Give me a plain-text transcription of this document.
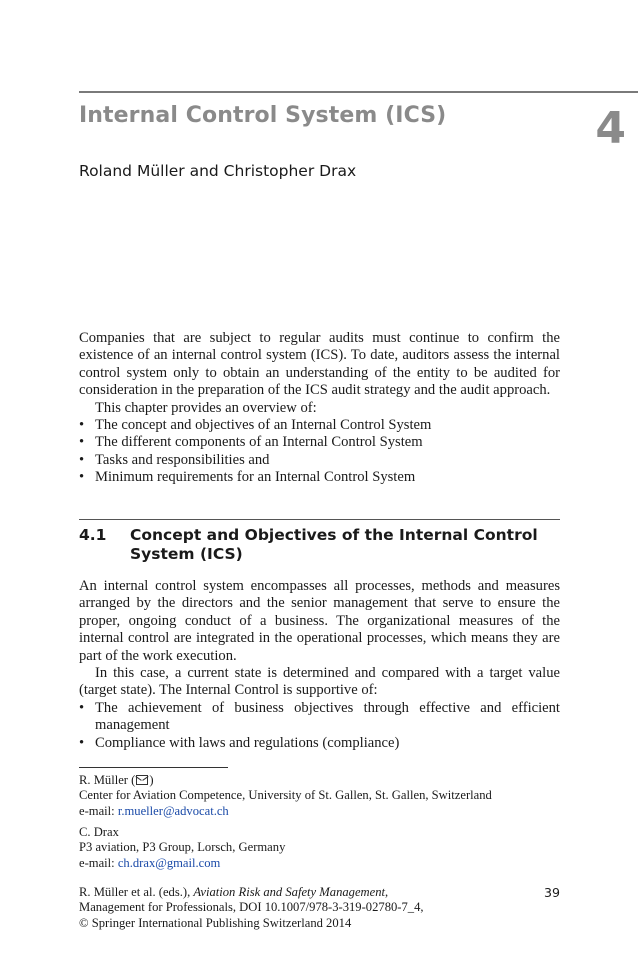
Internal Control System (ICS)	4
Roland Müller and Christopher Drax

Companies that are subject to regular audits must continue to confirm the existence of an internal control system (ICS). To date, auditors assess the internal control system only to obtain an understanding of the entity to be audited for consideration in the preparation of the ICS audit strategy and the audit approach.

This chapter provides an overview of:

• The concept and objectives of an Internal Control System
• The different components of an Internal Control System
• Tasks and responsibilities and
• Minimum requirements for an Internal Control System
4.1 Concept and Objectives of the Internal Control System (ICS)

An internal control system encompasses all processes, methods and measures arranged by the directors and the senior management that serve to ensure the proper, ongoing conduct of a business. The organizational measures of the internal control are integrated in the operational processes, which means they are part of the work execution.

In this case, a current state is determined and compared with a target value (target state). The Internal Control is supportive of:

• The achievement of business objectives through effective and efficient management
• Compliance with laws and regulations (compliance)

R. Müller ( )

Center for Aviation Competence, University of St. Gallen, St. Gallen, Switzerland

e-mail: r.mueller@advocat.ch

C. Drax

P3 aviation, P3 Group, Lorsch, Germany

e-mail: ch.drax@gmail.com

R. Müller et al. (eds.), Aviation Risk and Safety Management,

Management for Professionals, DOI 10.1007/978-3-319-02780-7_4,

© Springer International Publishing Switzerland 2014

39
